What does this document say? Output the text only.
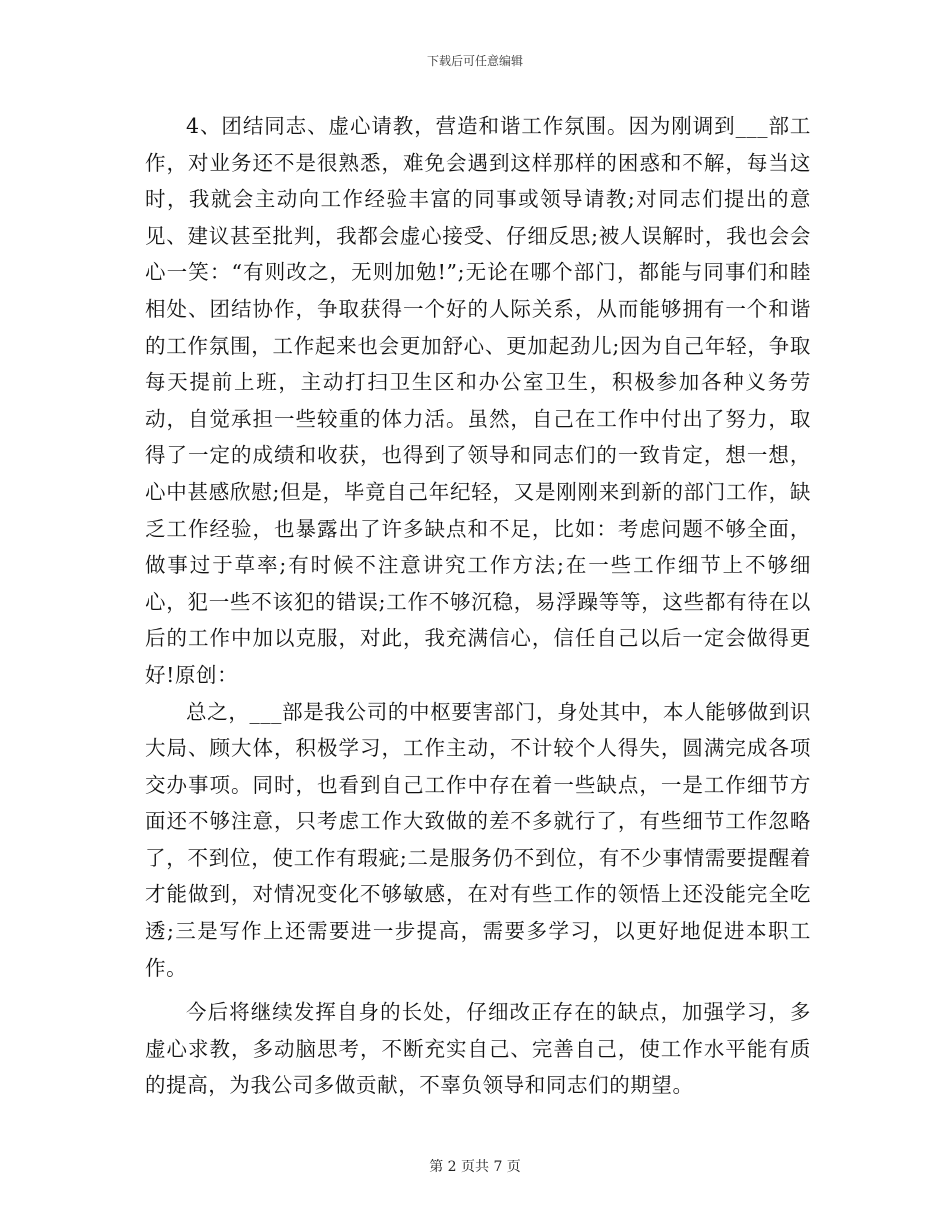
下载后可任意编辑

4、团结同志、虚心请教，营造和谐工作氛围。因为刚调到___部工作，对业务还不是很熟悉，难免会遇到这样那样的困惑和不解，每当这时，我就会主动向工作经验丰富的同事或领导请教;对同志们提出的意见、建议甚至批判，我都会虚心接受、仔细反思;被人误解时，我也会会心一笑：“有则改之，无则加勉!”;无论在哪个部门，都能与同事们和睦相处、团结协作，争取获得一个好的人际关系，从而能够拥有一个和谐的工作氛围，工作起来也会更加舒心、更加起劲儿;因为自己年轻，争取每天提前上班，主动打扫卫生区和办公室卫生，积极参加各种义务劳动，自觉承担一些较重的体力活。虽然，自己在工作中付出了努力，取得了一定的成绩和收获，也得到了领导和同志们的一致肯定，想一想，心中甚感欣慰;但是，毕竟自己年纪轻，又是刚刚来到新的部门工作，缺乏工作经验，也暴露出了许多缺点和不足，比如：考虑问题不够全面，做事过于草率;有时候不注意讲究工作方法;在一些工作细节上不够细心，犯一些不该犯的错误;工作不够沉稳，易浮躁等等，这些都有待在以后的工作中加以克服，对此，我充满信心，信任自己以后一定会做得更好!原创：

总之，___部是我公司的中枢要害部门，身处其中，本人能够做到识大局、顾大体，积极学习，工作主动，不计较个人得失，圆满完成各项交办事项。同时，也看到自己工作中存在着一些缺点，一是工作细节方面还不够注意，只考虑工作大致做的差不多就行了，有些细节工作忽略了，不到位，使工作有瑕疵;二是服务仍不到位，有不少事情需要提醒着才能做到，对情况变化不够敏感，在对有些工作的领悟上还没能完全吃透;三是写作上还需要进一步提高，需要多学习，以更好地促进本职工作。

今后将继续发挥自身的长处，仔细改正存在的缺点，加强学习，多虚心求教，多动脑思考，不断充实自己、完善自己，使工作水平能有质的提高，为我公司多做贡献，不辜负领导和同志们的期望。

第 2 页共 7 页
